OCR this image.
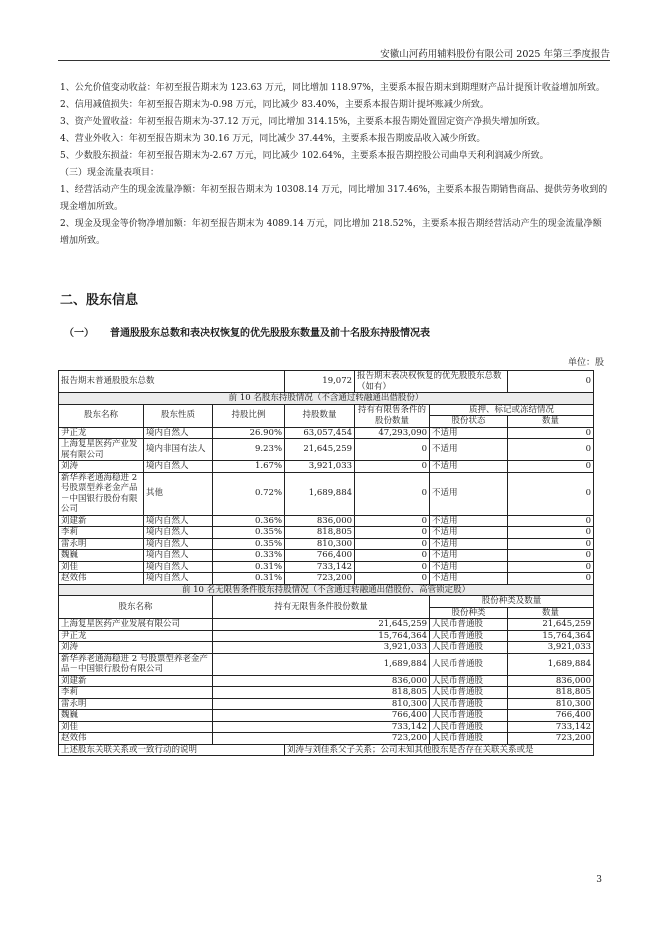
安徽山河药用辅料股份有限公司 2025 年第三季度报告

1、公允价值变动收益：年初至报告期末为 123.63 万元，同比增加 118.97%，主要系本报告期末到期理财产品计提预计收益增加所致。

2、信用减值损失：年初至报告期末为-0.98 万元，同比减少 83.40%，主要系本报告期计提坏账减少所致。

3、资产处置收益：年初至报告期末为-37.12 万元，同比增加 314.15%，主要系本报告期处置固定资产净损失增加所致。

4、营业外收入：年初至报告期末为 30.16 万元，同比减少 37.44%，主要系本报告期废品收入减少所致。

5、少数股东损益：年初至报告期末为-2.67 万元，同比减少 102.64%，主要系本报告期控股公司曲阜天利利润减少所致。

（三）现金流量表项目：

1、经营活动产生的现金流量净额：年初至报告期末为 10308.14 万元，同比增加 317.46%，主要系本报告期销售商品、提供劳务收到的现金增加所致。

2、现金及现金等价物净增加额：年初至报告期末为 4089.14 万元，同比增加 218.52%，主要系本报告期经营活动产生的现金流量净额增加所致。

二、股东信息
（一） 普通股股东总数和表决权恢复的优先股股东数量及前十名股东持股情况表
单位：股
报告期末普通股股东总数			19,072	报告期末表决权恢复的优先股股东总数（如有）		0
前 10 名股东持股情况（不含通过转融通出借股份）						
股东名称	股东性质	持股比例	持股数量	持有有限售条件的股份数量	质押、标记或冻结情况	
					股份状态	数量
尹正龙	境内自然人	26.90%	63,057,454	47,293,090	不适用	0
上海复星医药产业发展有限公司	境内非国有法人	9.23%	21,645,259	0	不适用	0
刘涛	境内自然人	1.67%	3,921,033	0	不适用	0
新华养老通海稳进 2 号股票型养老金产品－中国银行股份有限公司	其他	0.72%	1,689,884	0	不适用	0
刘建新	境内自然人	0.36%	836,000	0	不适用	0
李莉	境内自然人	0.35%	818,805	0	不适用	0
雷永明	境内自然人	0.35%	810,300	0	不适用	0
魏巍	境内自然人	0.33%	766,400	0	不适用	0
刘佳	境内自然人	0.31%	733,142	0	不适用	0
赵效伟	境内自然人	0.31%	723,200	0	不适用	0
前 10 名无限售条件股东持股情况（不含通过转融通出借股份、高管锁定股）						
股东名称		持有无限售条件股份数量			股份种类及数量	
					股份种类	数量
上海复星医药产业发展有限公司		21,645,259			人民币普通股	21,645,259
尹正龙		15,764,364			人民币普通股	15,764,364
刘涛		3,921,033			人民币普通股	3,921,033
新华养老通海稳进 2 号股票型养老金产品－中国银行股份有限公司		1,689,884			人民币普通股	1,689,884
刘建新		836,000			人民币普通股	836,000
李莉		818,805			人民币普通股	818,805
雷永明		810,300			人民币普通股	810,300
魏巍		766,400			人民币普通股	766,400
刘佳		733,142			人民币普通股	733,142
赵效伟		723,200			人民币普通股	723,200
上述股东关联关系或一致行动的说明			刘涛与刘佳系父子关系；公司未知其他股东是否存在关联关系或是			
3
